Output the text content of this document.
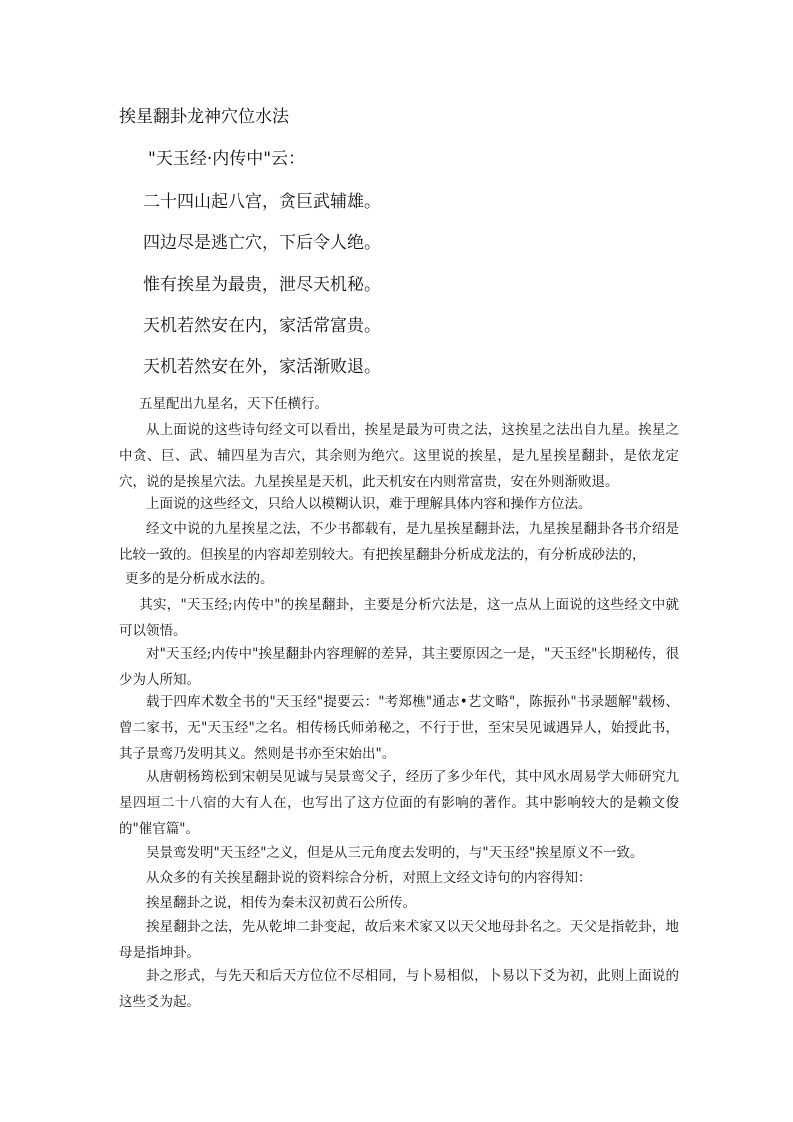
挨星翻卦龙神穴位水法
"天玉经·内传中"云：
二十四山起八宫，贪巨武辅雄。
四边尽是逃亡穴，下后令人绝。
惟有挨星为最贵，泄尽天机秘。
天机若然安在内，家活常富贵。
天机若然安在外，家活渐败退。
五星配出九星名，天下任横行。
从上面说的这些诗句经文可以看出，挨星是最为可贵之法，这挨星之法出自九星。挨星之中贪、巨、武、辅四星为吉穴，其余则为绝穴。这里说的挨星，是九星挨星翻卦，是依龙定穴，说的是挨星穴法。九星挨星是天机，此天机安在内则常富贵，安在外则渐败退。
上面说的这些经文，只给人以模糊认识，难于理解具体内容和操作方位法。
经文中说的九星挨星之法，不少书都载有，是九星挨星翻卦法，九星挨星翻卦各书介绍是比较一致的。但挨星的内容却差别较大。有把挨星翻卦分析成龙法的，有分析成砂法的，
更多的是分析成水法的。
其实，"天玉经;内传中"的挨星翻卦，主要是分析穴法是，这一点从上面说的这些经文中就可以领悟。
对"天玉经;内传中"挨星翻卦内容理解的差异，其主要原因之一是，"天玉经"长期秘传，很少为人所知。
载于四库术数全书的"天玉经"提要云："考郑樵"通志•艺文略"，陈振孙"书录题解"载杨、曾二家书，无"天玉经"之名。相传杨氏师弟秘之，不行于世，至宋吴见诚遇异人，始授此书，其子景鸾乃发明其义。然则是书亦至宋始出"。
从唐朝杨筠松到宋朝吴见诚与吴景鸾父子，经历了多少年代，其中风水周易学大师研究九星四垣二十八宿的大有人在，也写出了这方位面的有影响的著作。其中影响较大的是赖文俊的"催官篇"。
吴景鸾发明"天玉经"之义，但是从三元角度去发明的，与"天玉经"挨星原义不一致。
从众多的有关挨星翻卦说的资料综合分析，对照上文经文诗句的内容得知：
挨星翻卦之说，相传为秦未汉初黄石公所传。
挨星翻卦之法，先从乾坤二卦变起，故后来术家又以天父地母卦名之。天父是指乾卦，地母是指坤卦。
卦之形式，与先天和后天方位位不尽相同，与卜易相似，卜易以下爻为初，此则上面说的这些爻为起。
